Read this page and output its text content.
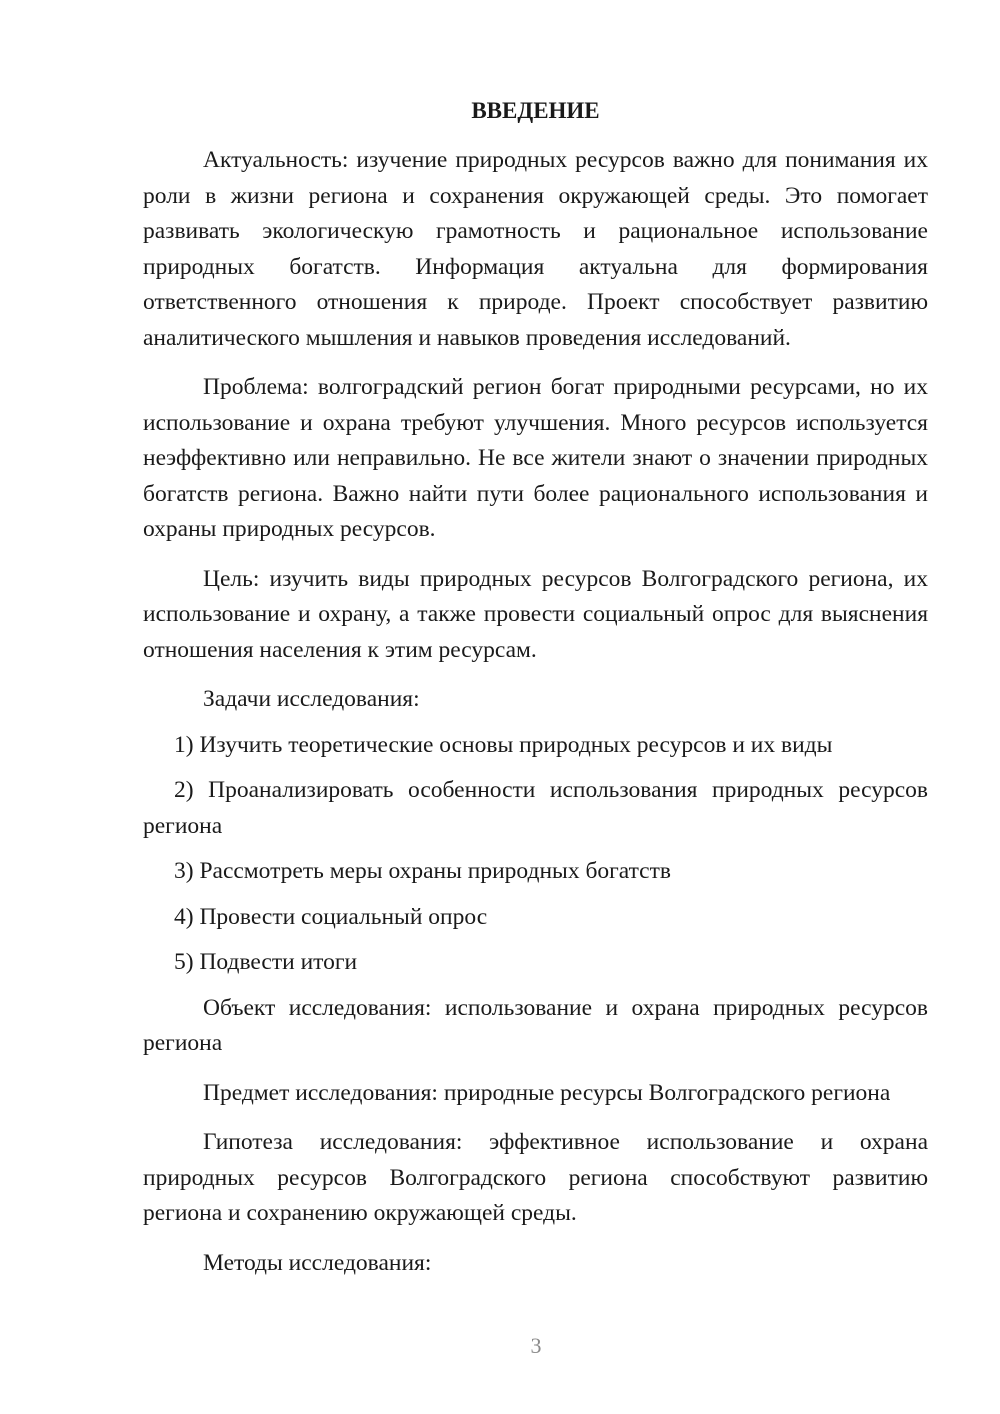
ВВЕДЕНИЕ

Актуальность: изучение природных ресурсов важно для понимания их роли в жизни региона и сохранения окружающей среды. Это помогает развивать экологическую грамотность и рациональное использование природных богатств. Информация актуальна для формирования ответственного отношения к природе. Проект способствует развитию аналитического мышления и навыков проведения исследований.

Проблема: волгоградский регион богат природными ресурсами, но их использование и охрана требуют улучшения. Много ресурсов используется неэффективно или неправильно. Не все жители знают о значении природных богатств региона. Важно найти пути более рационального использования и охраны природных ресурсов.

Цель: изучить виды природных ресурсов Волгоградского региона, их использование и охрану, а также провести социальный опрос для выяснения отношения населения к этим ресурсам.

Задачи исследования:

1) Изучить теоретические основы природных ресурсов и их виды

2) Проанализировать особенности использования природных ресурсов региона

3) Рассмотреть меры охраны природных богатств

4) Провести социальный опрос

5) Подвести итоги

Объект исследования: использование и охрана природных ресурсов региона

Предмет исследования: природные ресурсы Волгоградского региона

Гипотеза исследования: эффективное использование и охрана природных ресурсов Волгоградского региона способствуют развитию региона и сохранению окружающей среды.

Методы исследования:

3
